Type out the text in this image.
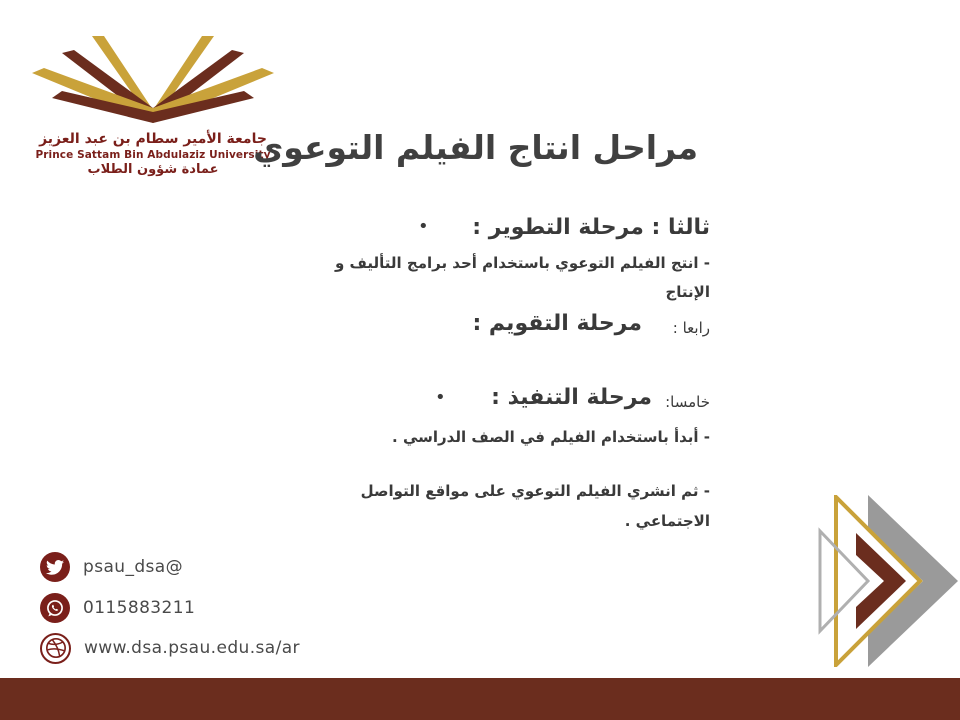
جامعة الأمير سطام بن عبد العزيز
Prince Sattam Bin Abdulaziz University
عمادة شؤون الطلاب
مراحل انتاج الفيلم التوعوي
ثالثا : مرحلة التطوير :
•
- انتج الفيلم التوعوي باستخدام أحد برامج التأليف و
الإنتاج
رابعا :
مرحلة التقويم :
خامسا:
مرحلة التنفيذ :
•
- أبدأ باستخدام الفيلم في الصف الدراسي .
- ثم انشري الفيلم التوعوي على مواقع التواصل
الاجتماعي .
psau_dsa@
0115883211
www.dsa.psau.edu.sa/ar
